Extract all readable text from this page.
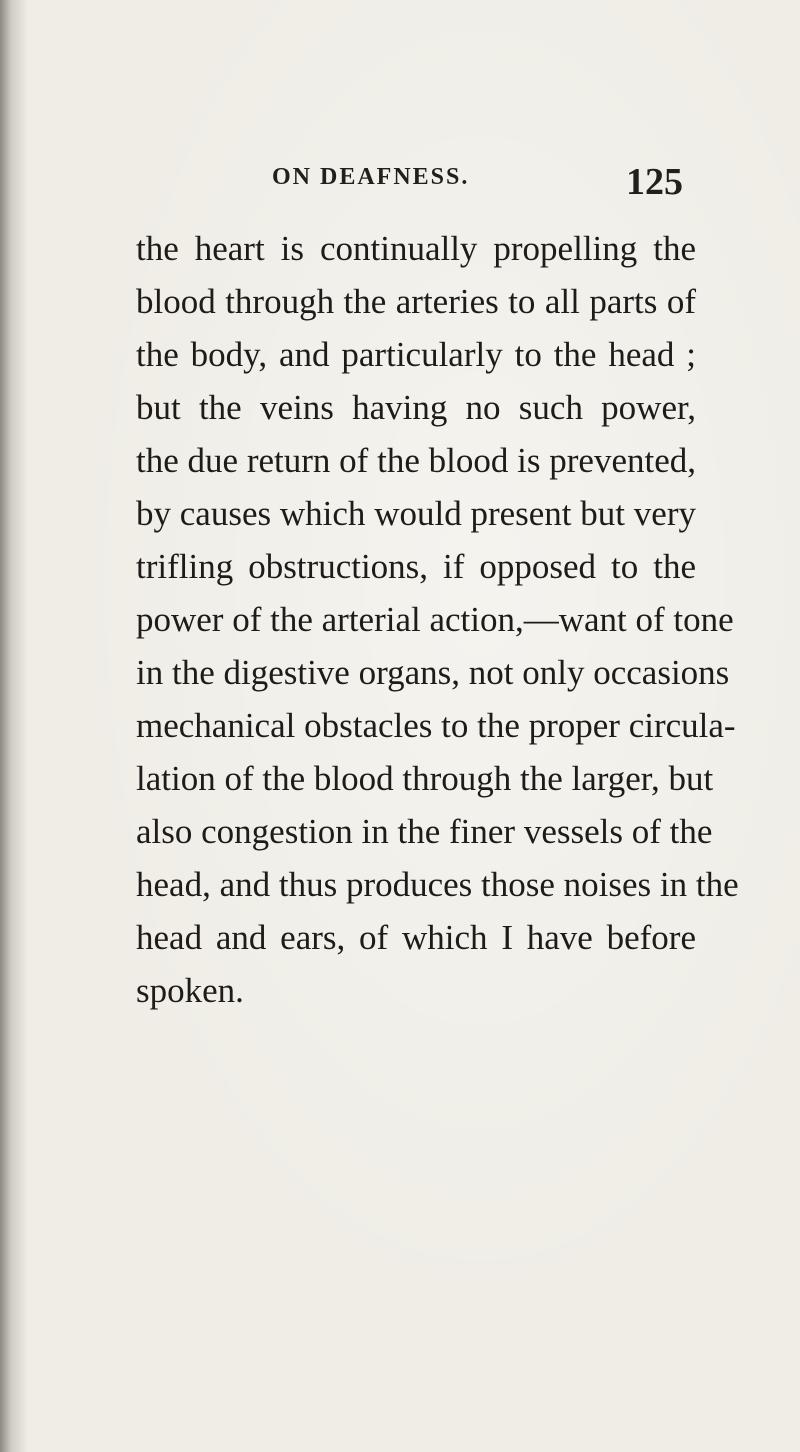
ON DEAFNESS.	125
the heart is continually propelling the
blood through the arteries to all parts of
the body, and particularly to the head ;
but the veins having no such power,
the due return of the blood is prevented,
by causes which would present but very
trifling obstructions, if opposed to the
power of the arterial action,—want of tone
in the digestive organs, not only occasions
mechanical obstacles to the proper circula-
lation of the blood through the larger, but
also congestion in the finer vessels of the
head, and thus produces those noises in the
head and ears, of which I have before
spoken.
